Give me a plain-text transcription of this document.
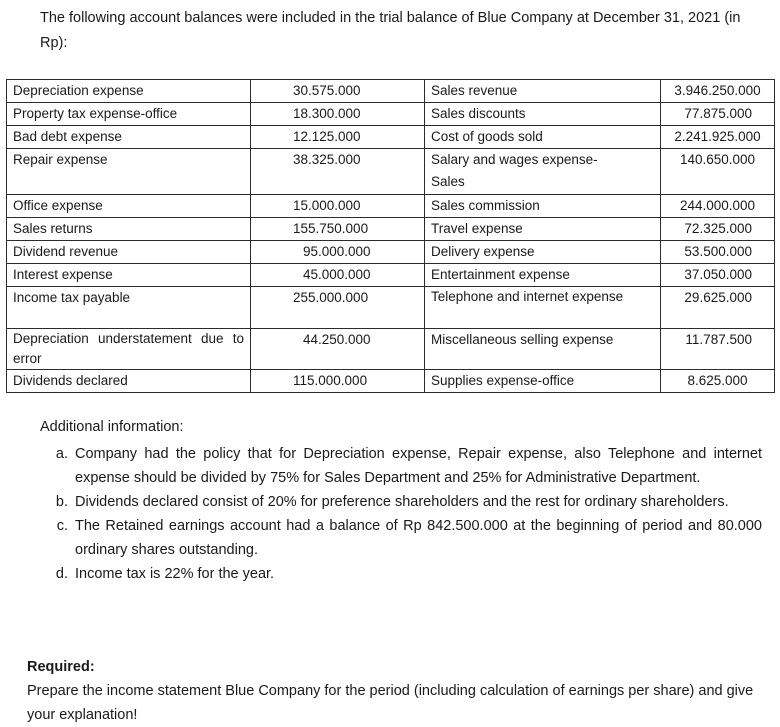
The following account balances were included in the trial balance of Blue Company at December 31, 2021 (in Rp):
Depreciation expense	30.575.000	Sales revenue	3.946.250.000
Property tax expense-office	18.300.000	Sales discounts	77.875.000
Bad debt expense	12.125.000	Cost of goods sold	2.241.925.000
Repair expense	38.325.000	Salary and wages expense- Sales	140.650.000
Office expense	15.000.000	Sales commission	244.000.000
Sales returns	155.750.000	Travel expense	72.325.000
Dividend revenue	95.000.000	Delivery expense	53.500.000
Interest expense	45.000.000	Entertainment expense	37.050.000
Income tax payable	255.000.000	Telephone and internet expense	29.625.000
Depreciation understatement due to error	44.250.000	Miscellaneous selling expense	11.787.500
Dividends declared	115.000.000	Supplies expense-office	8.625.000
Additional information:
a. Company had the policy that for Depreciation expense, Repair expense, also Telephone and internet expense should be divided by 75% for Sales Department and 25% for Administrative Department.
b. Dividends declared consist of 20% for preference shareholders and the rest for ordinary shareholders.
c. The Retained earnings account had a balance of Rp 842.500.000 at the beginning of period and 80.000 ordinary shares outstanding.
d. Income tax is 22% for the year.
Required:
Prepare the income statement Blue Company for the period (including calculation of earnings per share) and give your explanation!
